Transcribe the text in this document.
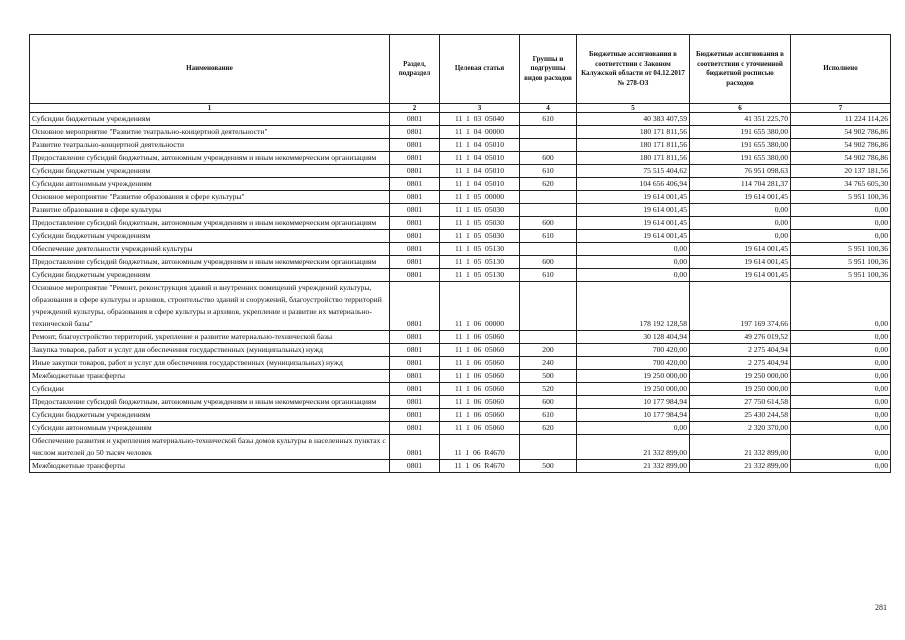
Наименование	Раздел, подраздел	Целевая статья	Группы и подгруппы видов расходов	Бюджетные ассигнования в соответствии с Законом Калужской области от 04.12.2017 № 278-ОЗ	Бюджетные ассигнования в соответствии с уточненной бюджетной росписью расходов	Исполнено
1	2	3	4	5	6	7
Субсидии бюджетным учреждениям	0801	11  1  03  05040	610	40 383 407,59	41 351 225,70	11 224 114,26
Основное мероприятие "Развитие театрально-концертной деятельности"	0801	11  1  04  00000		180 171 811,56	191 655 380,00	54 902 786,86
Развитие театрально-концертной деятельности	0801	11  1  04  05010		180 171 811,56	191 655 380,00	54 902 786,86
Предоставление субсидий бюджетным, автономным учреждениям и иным некоммерческим организациям	0801	11  1  04  05010	600	180 171 811,56	191 655 380,00	54 902 786,86
Субсидии бюджетным учреждениям	0801	11  1  04  05010	610	75 515 404,62	76 951 098,63	20 137 181,56
Субсидии автономным учреждениям	0801	11  1  04  05010	620	104 656 406,94	114 704 281,37	34 765 605,30
Основное мероприятие "Развитие образования в сфере культуры"	0801	11  1  05  00000		19 614 001,45	19 614 001,45	5 951 100,36
Развитие образования в сфере культуры	0801	11  1  05  05030		19 614 001,45	0,00	0,00
Предоставление субсидий бюджетным, автономным учреждениям и иным некоммерческим организациям	0801	11  1  05  05030	600	19 614 001,45	0,00	0,00
Субсидии бюджетным учреждениям	0801	11  1  05  05030	610	19 614 001,45	0,00	0,00
Обеспечение деятельности учреждений культуры	0801	11  1  05  05130		0,00	19 614 001,45	5 951 100,36
Предоставление субсидий бюджетным, автономным учреждениям и иным некоммерческим организациям	0801	11  1  05  05130	600	0,00	19 614 001,45	5 951 100,36
Субсидии бюджетным учреждениям	0801	11  1  05  05130	610	0,00	19 614 001,45	5 951 100,36
Основное мероприятие "Ремонт, реконструкция зданий и внутренних помещений учреждений культуры, образования в сфере культуры и архивов, строительство зданий и сооружений, благоустройство территорий учреждений культуры, образования в сфере культуры и архивов, укрепление и развитие их материально-технической базы"	0801	11  1  06  00000		178 192 128,58	197 169 374,66	0,00
Ремонт, благоустройство территорий, укрепление и развитие материально-технической базы	0801	11  1  06  05060		30 128 404,94	49 276 019,52	0,00
Закупка товаров, работ и услуг для обеспечения государственных (муниципальных) нужд	0801	11  1  06  05060	200	700 420,00	2 275 404,94	0,00
Иные закупки товаров, работ и услуг для обеспечения государственных (муниципальных) нужд	0801	11  1  06  05060	240	700 420,00	2 275 404,94	0,00
Межбюджетные трансферты	0801	11  1  06  05060	500	19 250 000,00	19 250 000,00	0,00
Субсидии	0801	11  1  06  05060	520	19 250 000,00	19 250 000,00	0,00
Предоставление субсидий бюджетным, автономным учреждениям и иным некоммерческим организациям	0801	11  1  06  05060	600	10 177 984,94	27 750 614,58	0,00
Субсидии бюджетным учреждениям	0801	11  1  06  05060	610	10 177 984,94	25 430 244,58	0,00
Субсидии автономным учреждениям	0801	11  1  06  05060	620	0,00	2 320 370,00	0,00
Обеспечение развития и укрепления материально-технической базы домов культуры в населенных пунктах с числом жителей до 50 тысяч человек	0801	11  1  06  R4670		21 332 899,00	21 332 899,00	0,00
Межбюджетные трансферты	0801	11  1  06  R4670	500	21 332 899,00	21 332 899,00	0,00
281
